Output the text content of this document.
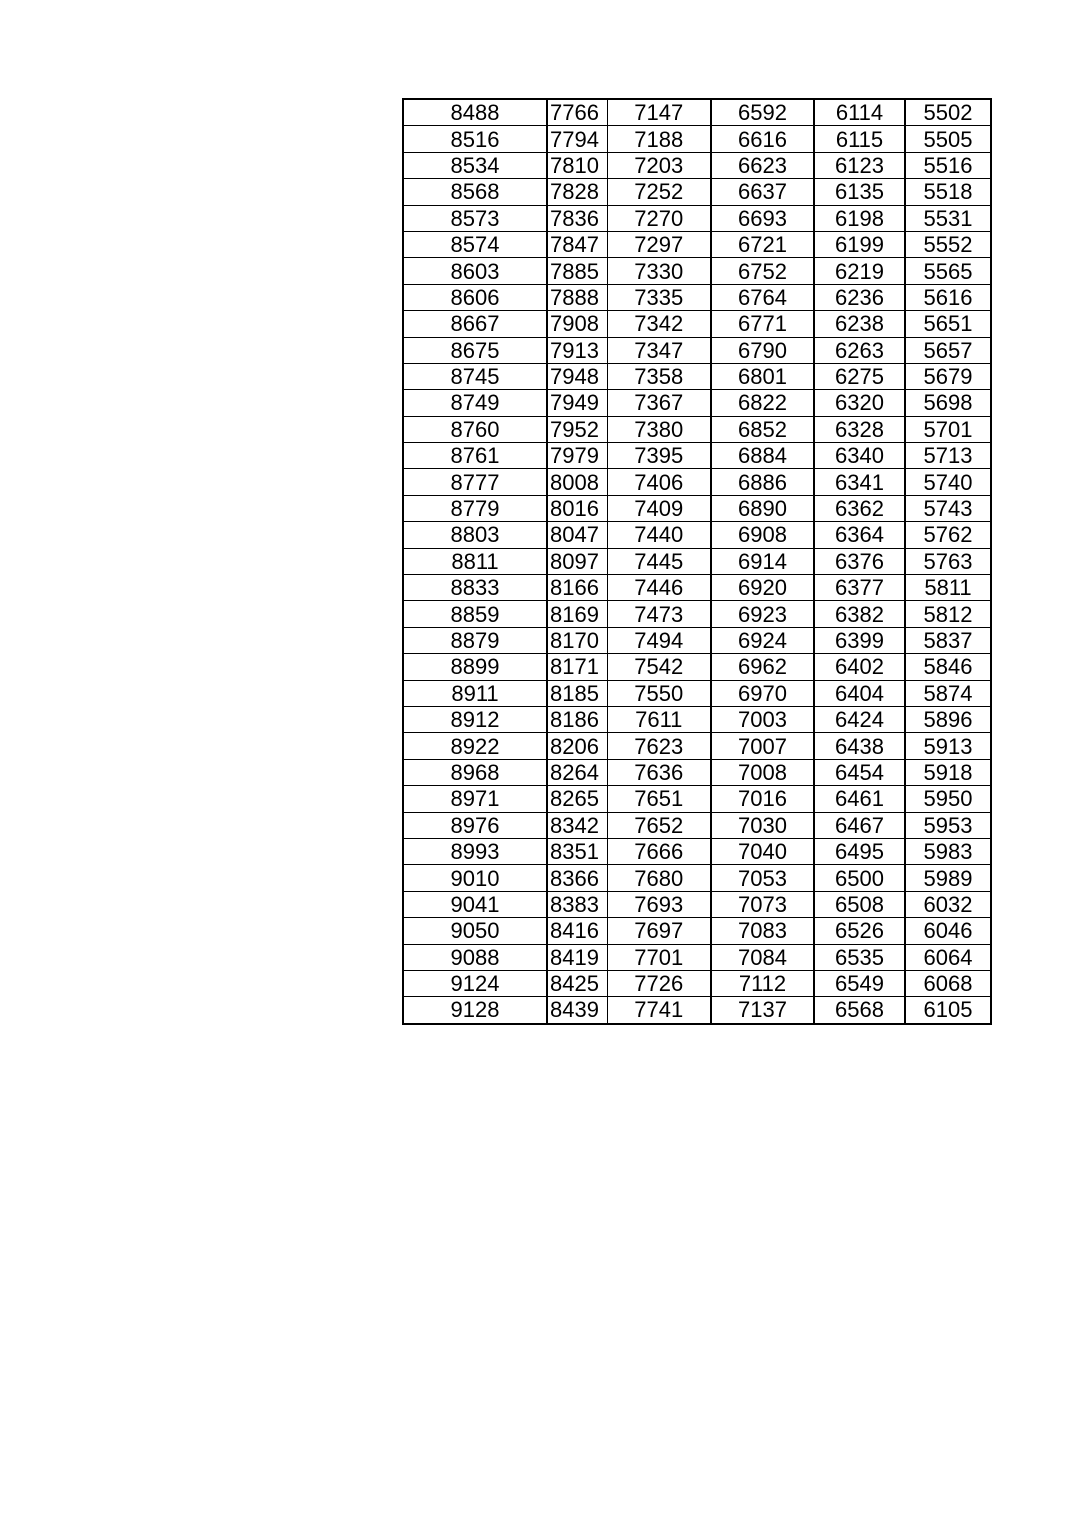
8488	7766	7147	6592	6114	5502
8516	7794	7188	6616	6115	5505
8534	7810	7203	6623	6123	5516
8568	7828	7252	6637	6135	5518
8573	7836	7270	6693	6198	5531
8574	7847	7297	6721	6199	5552
8603	7885	7330	6752	6219	5565
8606	7888	7335	6764	6236	5616
8667	7908	7342	6771	6238	5651
8675	7913	7347	6790	6263	5657
8745	7948	7358	6801	6275	5679
8749	7949	7367	6822	6320	5698
8760	7952	7380	6852	6328	5701
8761	7979	7395	6884	6340	5713
8777	8008	7406	6886	6341	5740
8779	8016	7409	6890	6362	5743
8803	8047	7440	6908	6364	5762
8811	8097	7445	6914	6376	5763
8833	8166	7446	6920	6377	5811
8859	8169	7473	6923	6382	5812
8879	8170	7494	6924	6399	5837
8899	8171	7542	6962	6402	5846
8911	8185	7550	6970	6404	5874
8912	8186	7611	7003	6424	5896
8922	8206	7623	7007	6438	5913
8968	8264	7636	7008	6454	5918
8971	8265	7651	7016	6461	5950
8976	8342	7652	7030	6467	5953
8993	8351	7666	7040	6495	5983
9010	8366	7680	7053	6500	5989
9041	8383	7693	7073	6508	6032
9050	8416	7697	7083	6526	6046
9088	8419	7701	7084	6535	6064
9124	8425	7726	7112	6549	6068
9128	8439	7741	7137	6568	6105
